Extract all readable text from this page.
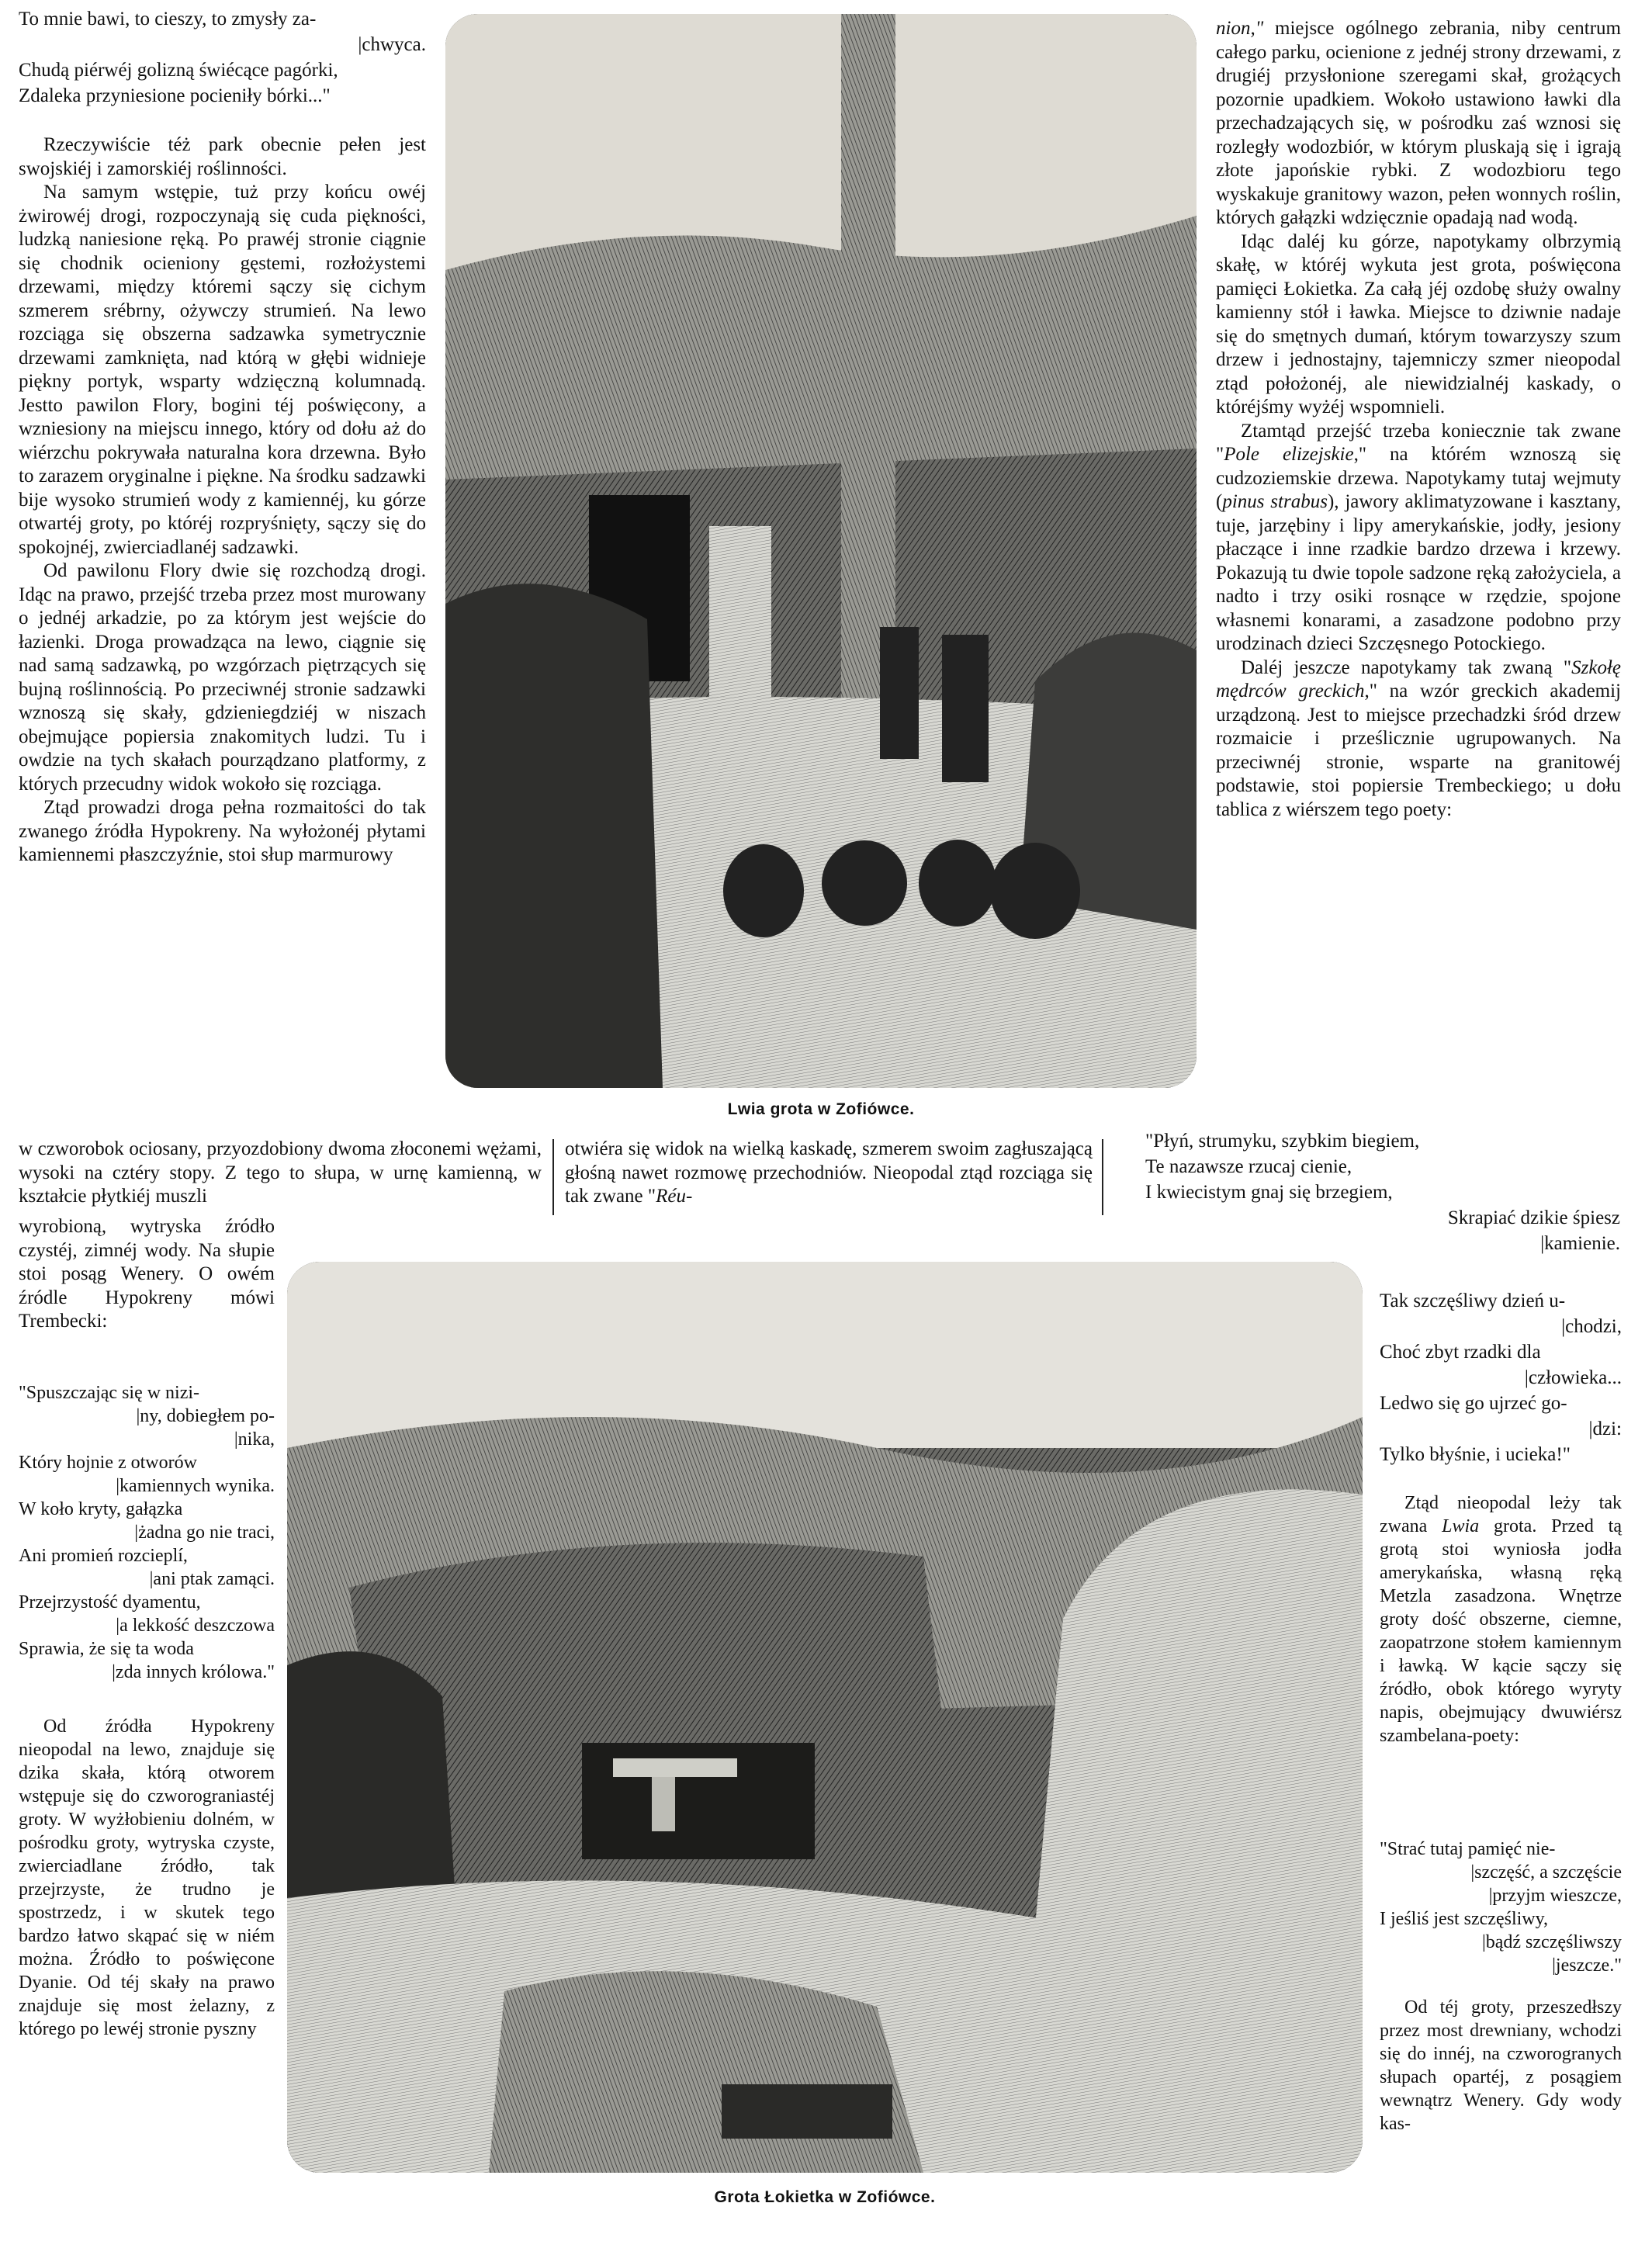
To mnie bawi, to cieszy, to zmysły za-
|chwyca.
Chudą piérwéj golizną świécące pagórki,
Zdaleka przyniesione pocieniły bórki..."

Rzeczywiście téż park obecnie pełen jest swojskiéj i zamorskiéj roślinności.

Na samym wstępie, tuż przy końcu owéj żwirowéj drogi, rozpoczynają się cuda piękności, ludzką naniesione ręką. Po prawéj stronie ciągnie się chodnik ocieniony gęstemi, rozłożystemi drzewami, między któremi sączy się cichym szmerem srébrny, ożywczy strumień. Na lewo rozciąga się obszerna sadzawka symetrycznie drzewami zamknięta, nad którą w głębi widnieje piękny portyk, wsparty wdzięczną kolumnadą. Jestto pawilon Flory, bogini téj poświęcony, a wzniesiony na miejscu innego, który od dołu aż do wiérzchu pokrywała naturalna kora drzewna. Było to zarazem oryginalne i piękne. Na środku sadzawki bije wysoko strumień wody z kamiennéj, ku górze otwartéj groty, po któréj rozpryśnięty, sączy się do spokojnéj, zwierciadlanéj sadzawki.

Od pawilonu Flory dwie się rozchodzą drogi. Idąc na prawo, przejść trzeba przez most murowany o jednéj arkadzie, po za którym jest wejście do łazienki. Droga prowadząca na lewo, ciągnie się nad samą sadzawką, po wzgórzach piętrzących się bujną roślinnością. Po przeciwnéj stronie sadzawki wznoszą się skały, gdzieniegdziéj w niszach obejmujące popiersia znakomitych ludzi. Tu i owdzie na tych skałach pourządzano platformy, z których przecudny widok wokoło się rozciąga.

Ztąd prowadzi droga pełna rozmaitości do tak zwanego źródła Hypokreny. Na wyłożonéj płytami kamiennemi płaszczyźnie, stoi słup marmurowy

Lwia grota w Zofiówce.

nion," miejsce ogólnego zebrania, niby centrum całego parku, ocienione z jednéj strony drzewami, z drugiéj przysłonione szeregami skał, grożących pozornie upadkiem. Wokoło ustawiono ławki dla przechadzających się, w pośrodku zaś wznosi się rozległy wodozbiór, w którym pluskają się i igrają złote japońskie rybki. Z wodozbioru tego wyskakuje granitowy wazon, pełen wonnych roślin, których gałązki wdzięcznie opadają nad wodą.

Idąc daléj ku górze, napotykamy olbrzymią skałę, w któréj wykuta jest grota, poświęcona pamięci Łokietka. Za całą jéj ozdobę służy owalny kamienny stół i ławka. Miejsce to dziwnie nadaje się do smętnych dumań, którym towarzyszy szum drzew i jednostajny, tajemniczy szmer nieopodal ztąd położonéj, ale niewidzialnéj kaskady, o któréjśmy wyżéj wspomnieli.

Ztamtąd przejść trzeba koniecznie tak zwane "Pole elizejskie," na którém wznoszą się cudzoziemskie drzewa. Napotykamy tutaj wejmuty (pinus strabus), jawory aklimatyzowane i kasztany, tuje, jarzębiny i lipy amerykańskie, jodły, jesiony płaczące i inne rzadkie bardzo drzewa i krzewy. Pokazują tu dwie topole sadzone ręką założyciela, a nadto i trzy osiki rosnące w rzędzie, spojone własnemi konarami, a zasadzone podobno przy urodzinach dzieci Szczęsnego Potockiego.

Daléj jeszcze napotykamy tak zwaną "Szkołę mędrców greckich," na wzór greckich akademij urządzoną. Jest to miejsce przechadzki śród drzew rozmaicie i prześlicznie ugrupowanych. Na przeciwnéj stronie, wsparte na granitowéj podstawie, stoi popiersie Trembeckiego; u dołu tablica z wiérszem tego poety:

w czworobok ociosany, przyozdobiony dwoma złoconemi wężami, wysoki na cztéry stopy. Z tego to słupa, w urnę kamienną, w kształcie płytkiéj muszli

otwiéra się widok na wielką kaskadę, szmerem swoim zagłuszającą głośną nawet rozmowę przechodniów. Nieopodal ztąd rozciąga się tak zwane "Réu-

"Płyń, strumyku, szybkim biegiem,
Te nazawsze rzucaj cienie,
I kwiecistym gnaj się brzegiem,
Skrapiać dzikie śpiesz
|kamienie.

wyrobioną, wytryska źródło czystéj, zimnéj wody. Na słupie stoi posąg Wenery. O owém źródle Hypokreny mówi Trembecki:

"Spuszczając się w nizi-
|ny, dobiegłem po-
|nika,
Który hojnie z otworów
|kamiennych wynika.
W koło kryty, gałązka
|żadna go nie traci,
Ani promień rozcieplí,
|ani ptak zamąci.
Przejrzystość dyamentu,
|a lekkość deszczowa
Sprawia, że się ta woda
|zda innych królowa."

Od źródła Hypokreny nieopodal na lewo, znajduje się dzika skała, którą otworem wstępuje się do czworograniastéj groty. W wyżłobieniu dolném, w pośrodku groty, wytryska czyste, zwierciadlane źródło, tak przejrzyste, że trudno je spostrzedz, i w skutek tego bardzo łatwo skąpać się w niém można. Źródło to poświęcone Dyanie. Od téj skały na prawo znajduje się most żelazny, z którego po lewéj stronie pyszny

Grota Łokietka w Zofiówce.
Tak szczęśliwy dzień u-
|chodzi,
Choć zbyt rzadki dla
|człowieka...
Ledwo się go ujrzeć go-
|dzi:
Tylko błyśnie, i ucieka!"

Ztąd nieopodal leży tak zwana Lwia grota. Przed tą grotą stoi wyniosła jodła amerykańska, własną ręką Metzla zasadzona. Wnętrze groty dość obszerne, ciemne, zaopatrzone stołem kamiennym i ławką. W kącie sączy się źródło, obok którego wyryty napis, obejmujący dwuwiérsz szambelana-poety:

"Strać tutaj pamięć nie-
|szczęść, a szczęście
|przyjm wieszcze,
I jeśliś jest szczęśliwy,
|bądź szczęśliwszy
|jeszcze."

Od téj groty, przeszedłszy przez most drewniany, wchodzi się do innéj, na czworogranych słupach opartéj, z posągiem wewnątrz Wenery. Gdy wody kas-
